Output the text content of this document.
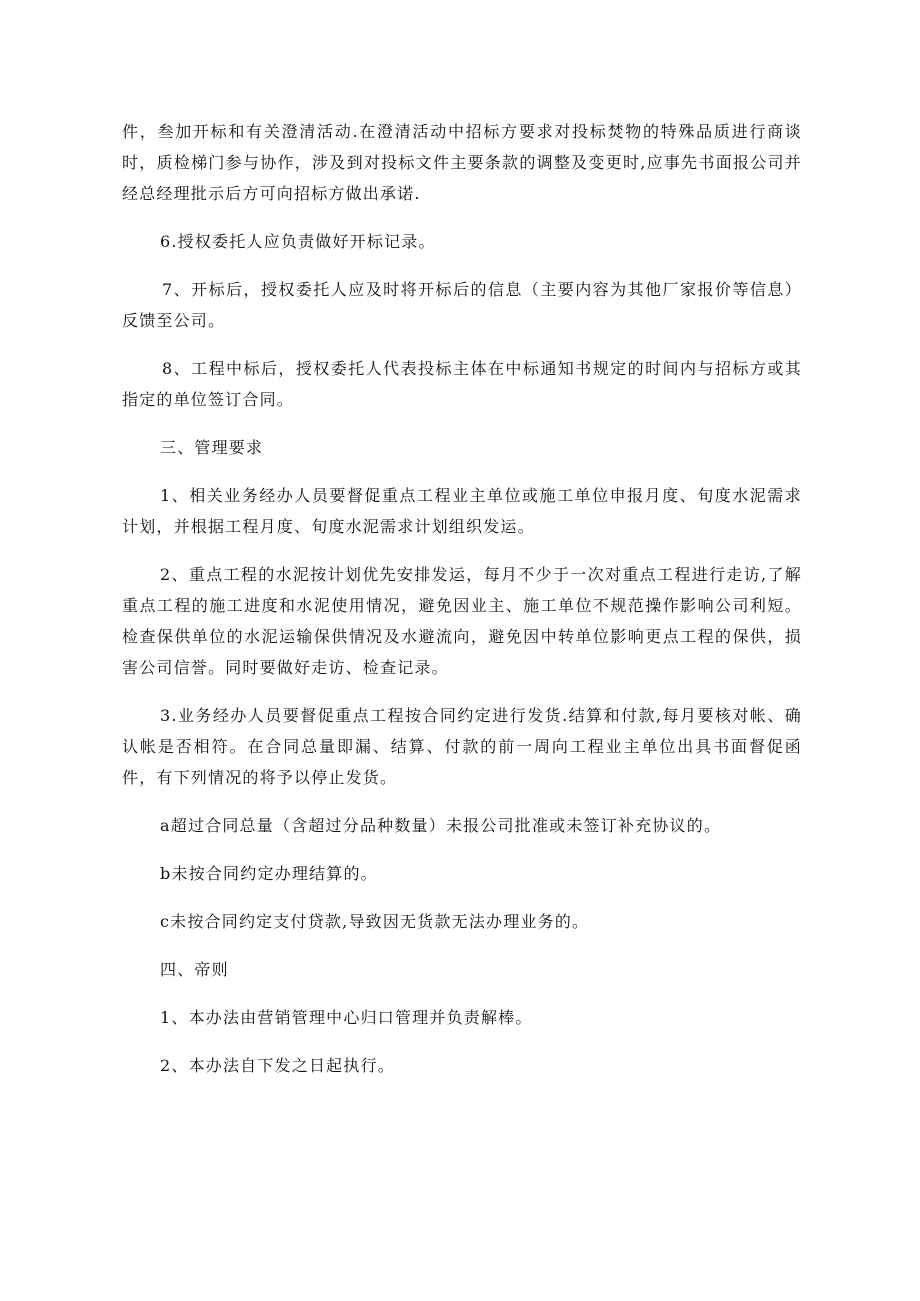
件，叁加开标和有关澄清活动.在澄清活动中招标方要求对投标焚物的特殊品质进行商谈时，质检梯门参与协作，涉及到对投标文件主要条款的调整及变更时,应事先书面报公司并经总经理批示后方可向招标方做出承诺.

6.授权委托人应负责做好开标记录。

7、开标后，授权委托人应及时将开标后的信息（主要内容为其他厂家报价等信息）反馈至公司。

8、工程中标后，授权委托人代表投标主体在中标通知书规定的时间内与招标方或其指定的单位签订合同。

三、管理要求

1、相关业务经办人员要督促重点工程业主单位或施工单位申报月度、旬度水泥需求计划，并根据工程月度、旬度水泥需求计划组织发运。

2、重点工程的水泥按计划优先安排发运，每月不少于一次对重点工程进行走访,了解重点工程的施工进度和水泥使用情况，避免因业主、施工单位不规范操作影响公司利短。检查保供单位的水泥运输保供情况及水避流向，避免因中转单位影响更点工程的保供，损害公司信誉。同时要做好走访、检查记录。

3.业务经办人员要督促重点工程按合同约定进行发货.结算和付款,每月要核对帐、确认帐是否相符。在合同总量即漏、结算、付款的前一周向工程业主单位出具书面督促函件，有下列情况的将予以停止发货。

a超过合同总量（含超过分品种数量）未报公司批准或未签订补充协议的。

b未按合同约定办理结算的。

c未按合同约定支付贷款,导致因无货款无法办理业务的。

四、帝则

1、本办法由营销管理中心归口管理并负责解棒。

2、本办法自下发之日起执行。
